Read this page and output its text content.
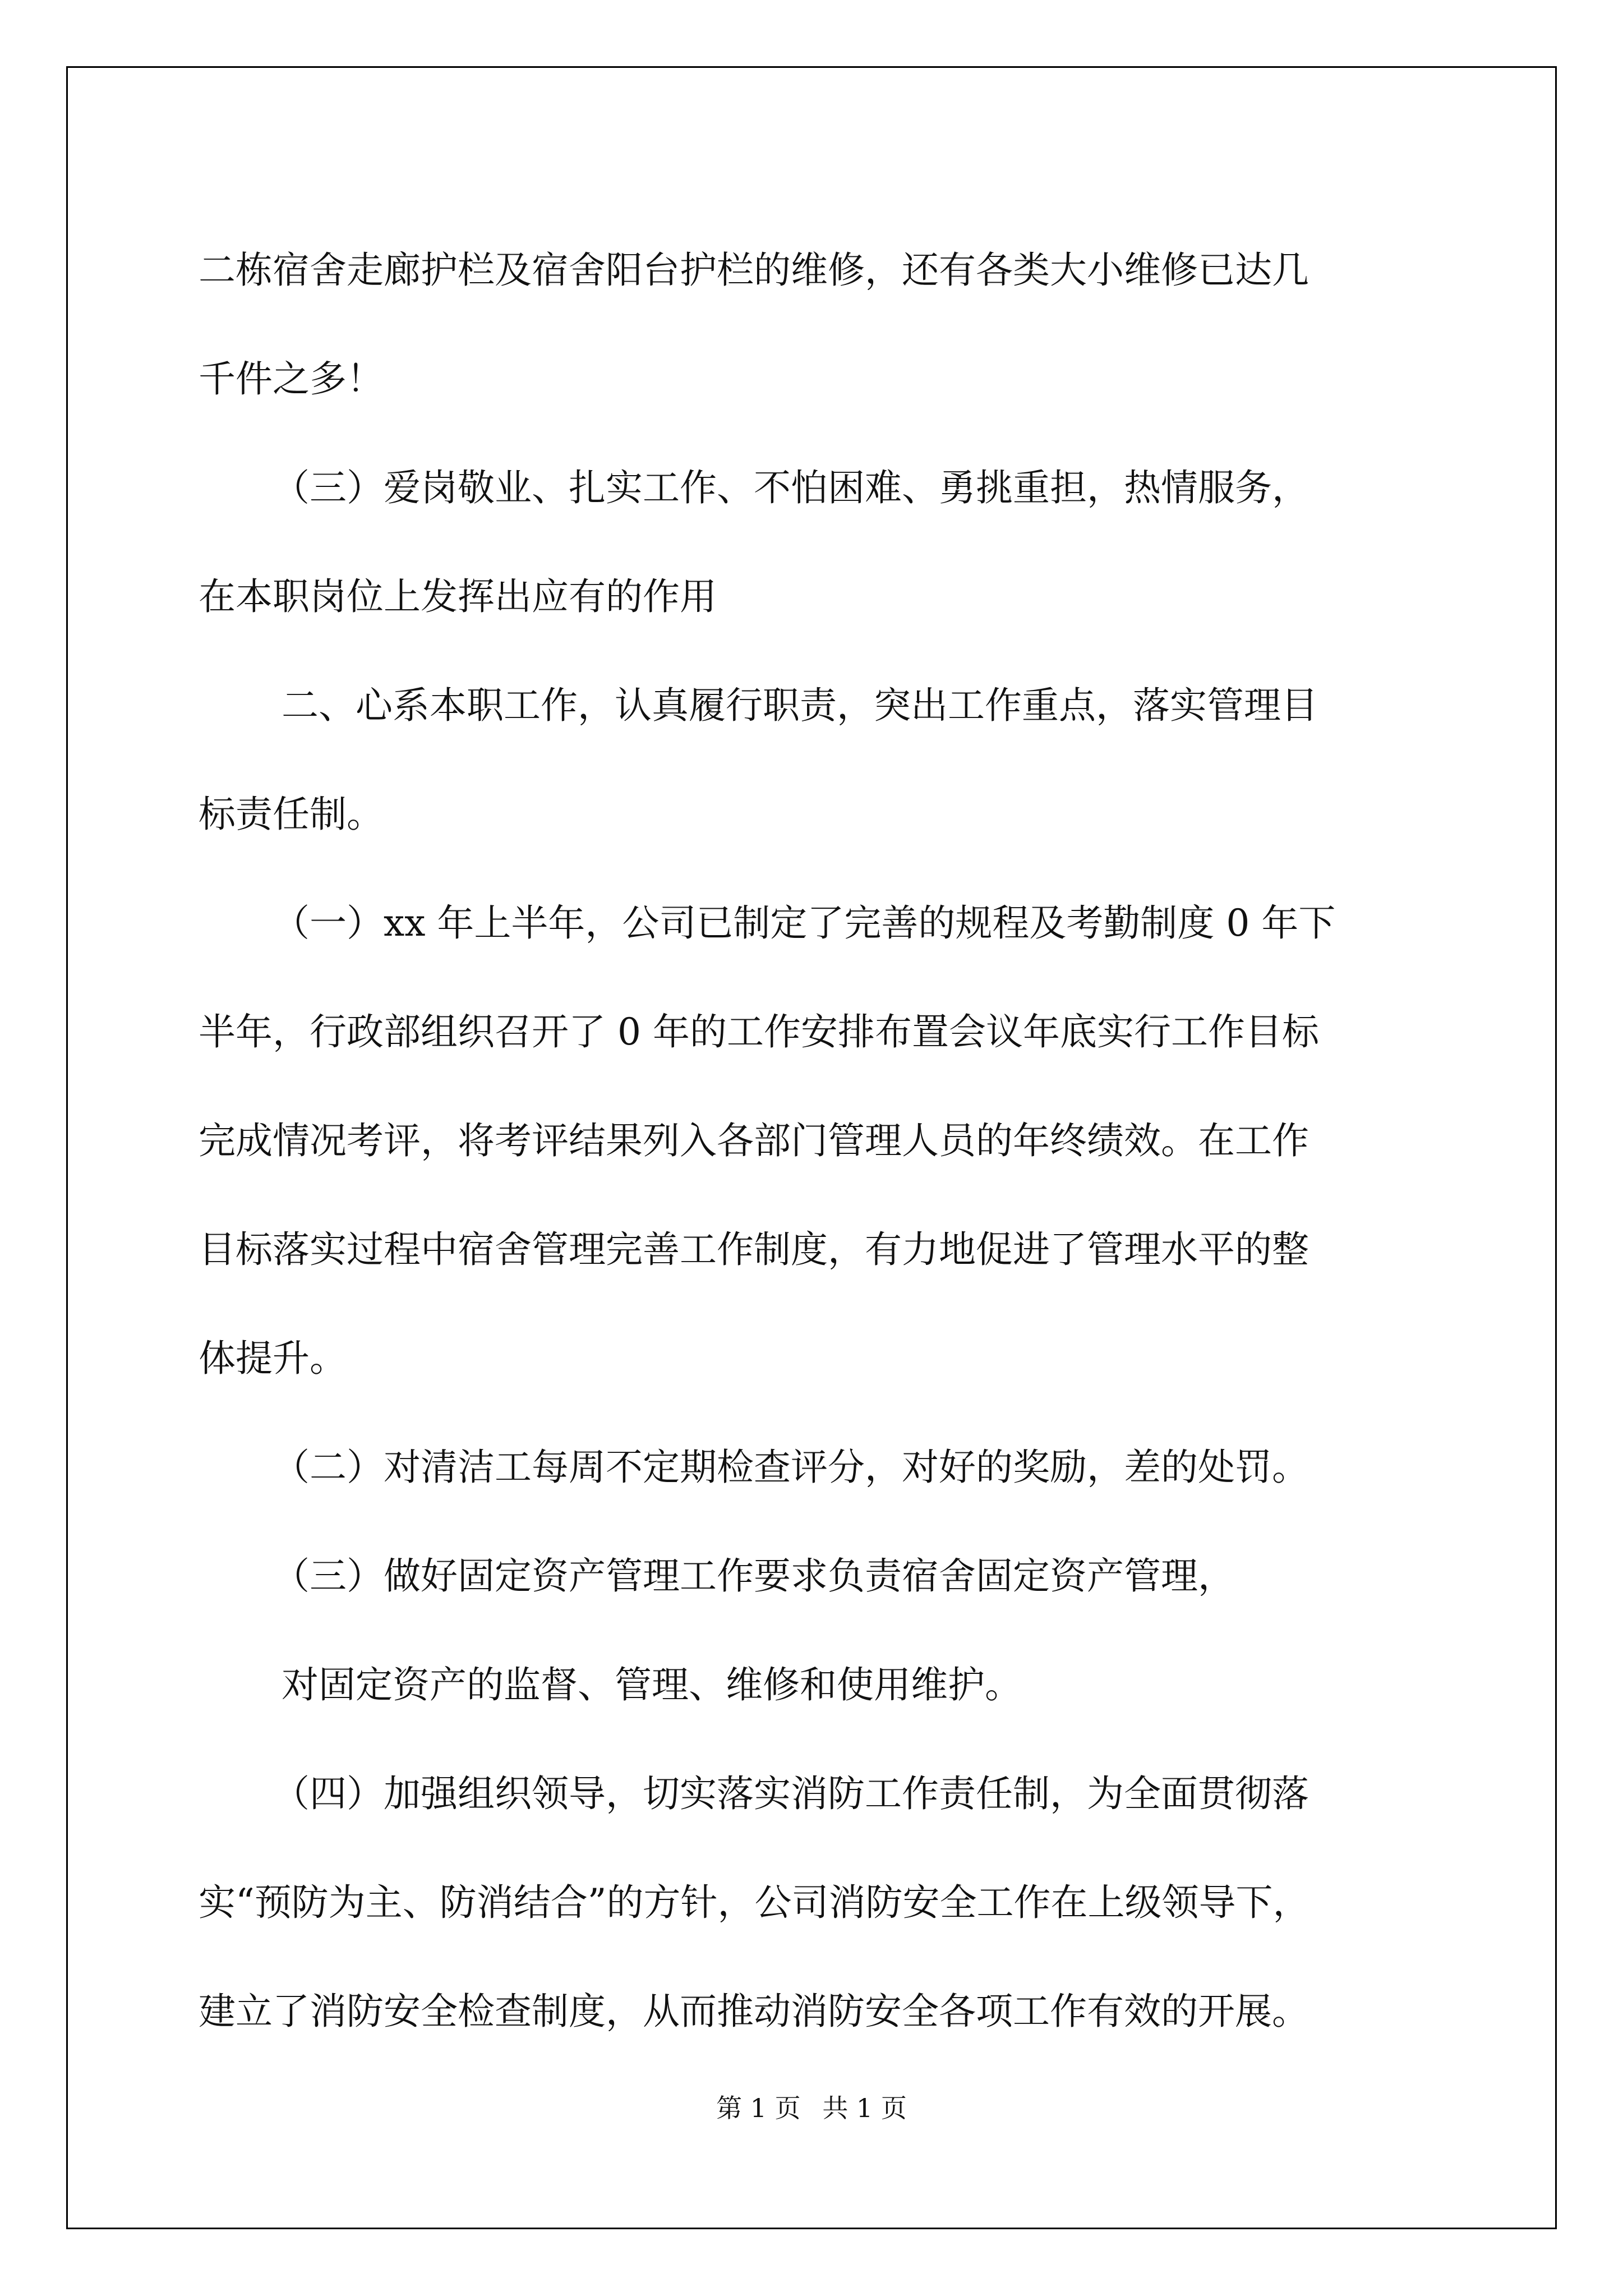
二栋宿舍走廊护栏及宿舍阳台护栏的维修，还有各类大小维修已达几

千件之多！

（三）爱岗敬业、扎实工作、不怕困难、勇挑重担，热情服务，

在本职岗位上发挥出应有的作用

二、心系本职工作，认真履行职责，突出工作重点，落实管理目

标责任制。

（一）xx 年上半年，公司已制定了完善的规程及考勤制度 0 年下

半年，行政部组织召开了 0 年的工作安排布置会议年底实行工作目标

完成情况考评，将考评结果列入各部门管理人员的年终绩效。在工作

目标落实过程中宿舍管理完善工作制度，有力地促进了管理水平的整

体提升。

（二）对清洁工每周不定期检查评分，对好的奖励，差的处罚。

（三）做好固定资产管理工作要求负责宿舍固定资产管理，

对固定资产的监督、管理、维修和使用维护。

（四）加强组织领导，切实落实消防工作责任制，为全面贯彻落

实“预防为主、防消结合”的方针，公司消防安全工作在上级领导下，

建立了消防安全检查制度，从而推动消防安全各项工作有效的开展。

第 1 页 共 1 页
